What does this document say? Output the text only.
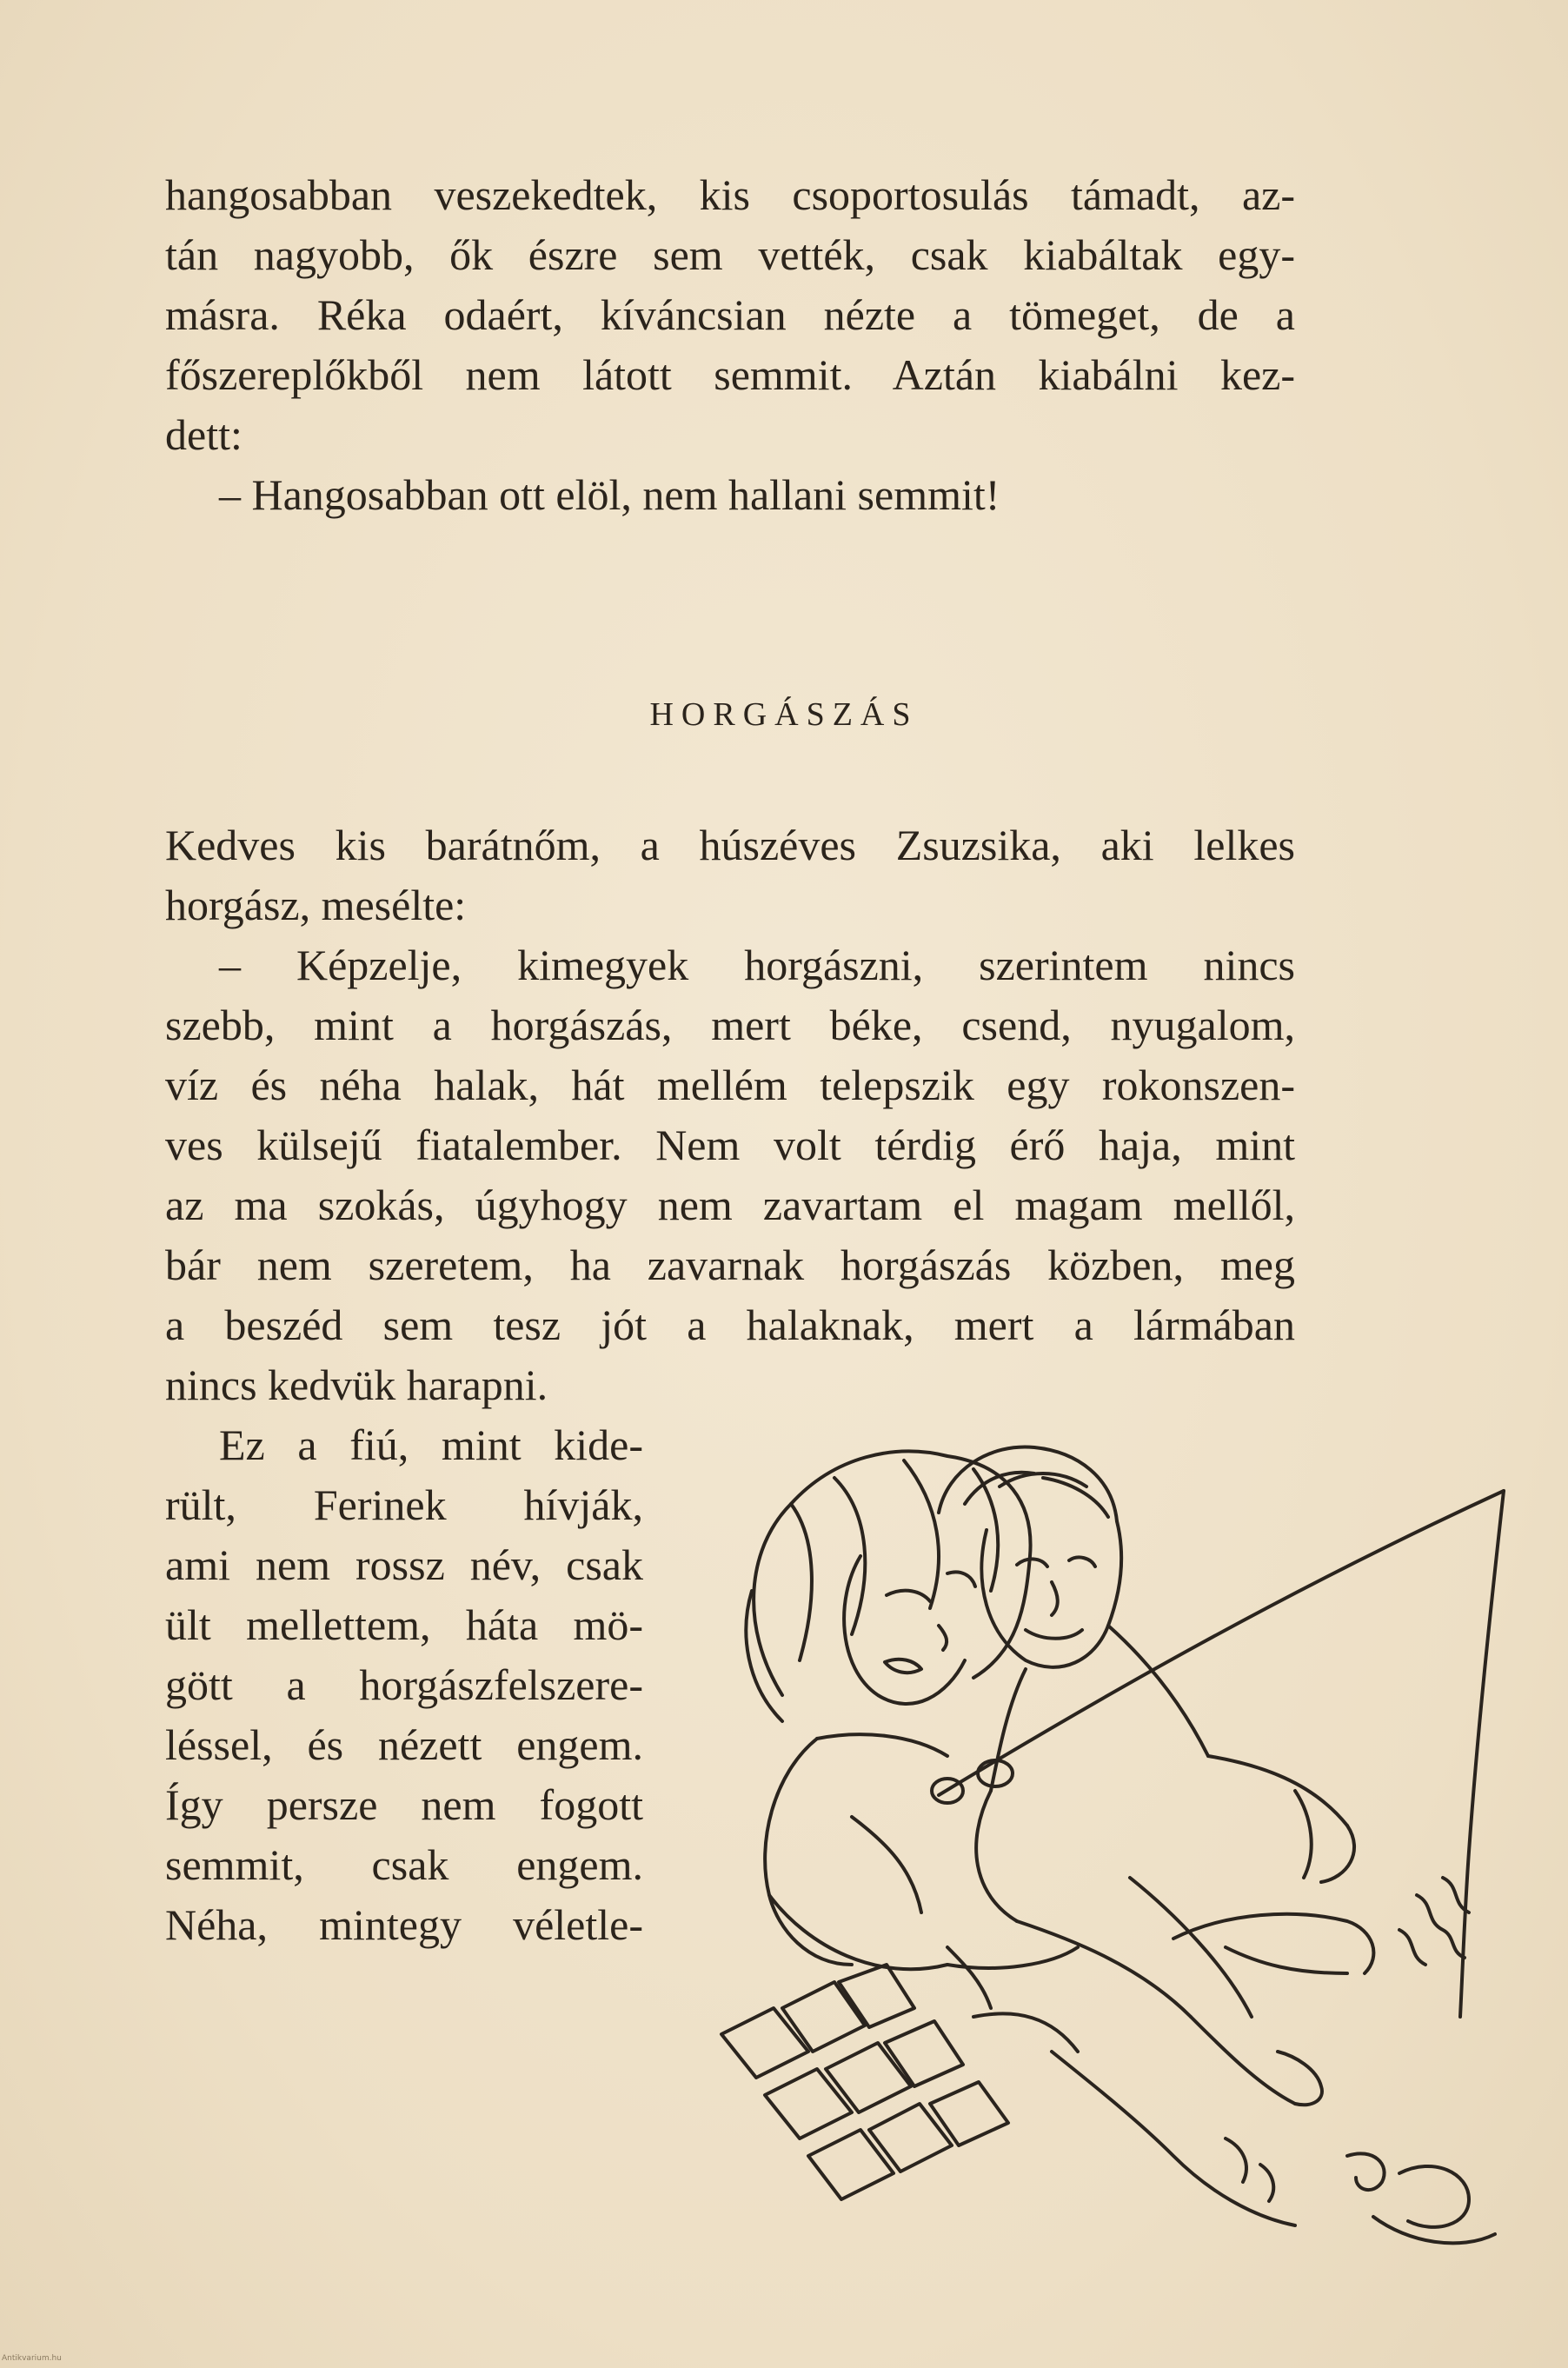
hangosabban veszekedtek, kis csoportosulás támadt, az-
tán nagyobb, ők észre sem vették, csak kiabáltak egy-
másra. Réka odaért, kíváncsian nézte a tömeget, de a
főszereplőkből nem látott semmit. Aztán kiabálni kez-
dett:
– Hangosabban ott elöl, nem hallani semmit!
HORGÁSZÁS
Kedves kis barátnőm, a húszéves Zsuzsika, aki lelkes
horgász, mesélte:
– Képzelje, kimegyek horgászni, szerintem nincs
szebb, mint a horgászás, mert béke, csend, nyugalom,
víz és néha halak, hát mellém telepszik egy rokonszen-
ves külsejű fiatalember. Nem volt térdig érő haja, mint
az ma szokás, úgyhogy nem zavartam el magam mellől,
bár nem szeretem, ha zavarnak horgászás közben, meg
a beszéd sem tesz jót a halaknak, mert a lármában
nincs kedvük harapni.
Ez a fiú, mint kide-
rült, Ferinek hívják,
ami nem rossz név, csak
ült mellettem, háta mö-
gött a horgászfelszere-
léssel, és nézett engem.
Így persze nem fogott
semmit, csak engem.
Néha, mintegy véletle-
Antikvarium.hu
